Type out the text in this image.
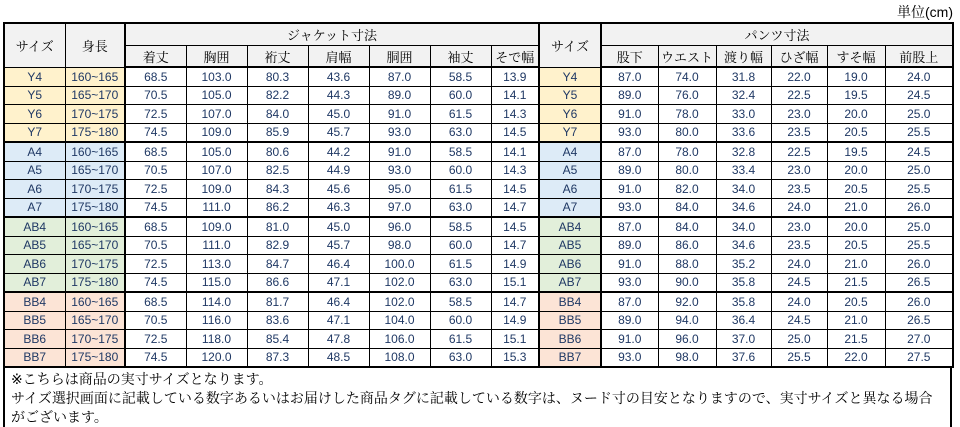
単位(cm)
サイズ	身長	ジャケット寸法							サイズ	パンツ寸法					
		着丈	胸囲	裄丈	肩幅	胴囲	袖丈	そで幅		股下	ウエスト	渡り幅	ひざ幅	すそ幅	前股上
Y4	160~165	68.5	103.0	80.3	43.6	87.0	58.5	13.9	Y4	87.0	74.0	31.8	22.0	19.0	24.0
Y5	165~170	70.5	105.0	82.2	44.3	89.0	60.0	14.1	Y5	89.0	76.0	32.4	22.5	19.5	24.5
Y6	170~175	72.5	107.0	84.0	45.0	91.0	61.5	14.3	Y6	91.0	78.0	33.0	23.0	20.0	25.0
Y7	175~180	74.5	109.0	85.9	45.7	93.0	63.0	14.5	Y7	93.0	80.0	33.6	23.5	20.5	25.5
A4	160~165	68.5	105.0	80.6	44.2	91.0	58.5	14.1	A4	87.0	78.0	32.8	22.5	19.5	24.5
A5	165~170	70.5	107.0	82.5	44.9	93.0	60.0	14.3	A5	89.0	80.0	33.4	23.0	20.0	25.0
A6	170~175	72.5	109.0	84.3	45.6	95.0	61.5	14.5	A6	91.0	82.0	34.0	23.5	20.5	25.5
A7	175~180	74.5	111.0	86.2	46.3	97.0	63.0	14.7	A7	93.0	84.0	34.6	24.0	21.0	26.0
AB4	160~165	68.5	109.0	81.0	45.0	96.0	58.5	14.5	AB4	87.0	84.0	34.0	23.0	20.0	25.0
AB5	165~170	70.5	111.0	82.9	45.7	98.0	60.0	14.7	AB5	89.0	86.0	34.6	23.5	20.5	25.5
AB6	170~175	72.5	113.0	84.7	46.4	100.0	61.5	14.9	AB6	91.0	88.0	35.2	24.0	21.0	26.0
AB7	175~180	74.5	115.0	86.6	47.1	102.0	63.0	15.1	AB7	93.0	90.0	35.8	24.5	21.5	26.5
BB4	160~165	68.5	114.0	81.7	46.4	102.0	58.5	14.7	BB4	87.0	92.0	35.8	24.0	20.5	26.0
BB5	165~170	70.5	116.0	83.6	47.1	104.0	60.0	14.9	BB5	89.0	94.0	36.4	24.5	21.0	26.5
BB6	170~175	72.5	118.0	85.4	47.8	106.0	61.5	15.1	BB6	91.0	96.0	37.0	25.0	21.5	27.0
BB7	175~180	74.5	120.0	87.3	48.5	108.0	63.0	15.3	BB7	93.0	98.0	37.6	25.5	22.0	27.5
※こちらは商品の実寸サイズとなります。
サイズ選択画面に記載している数字あるいはお届けした商品タグに記載している数字は、ヌード寸の目安となりますので、実寸サイズと異なる場合がございます。
